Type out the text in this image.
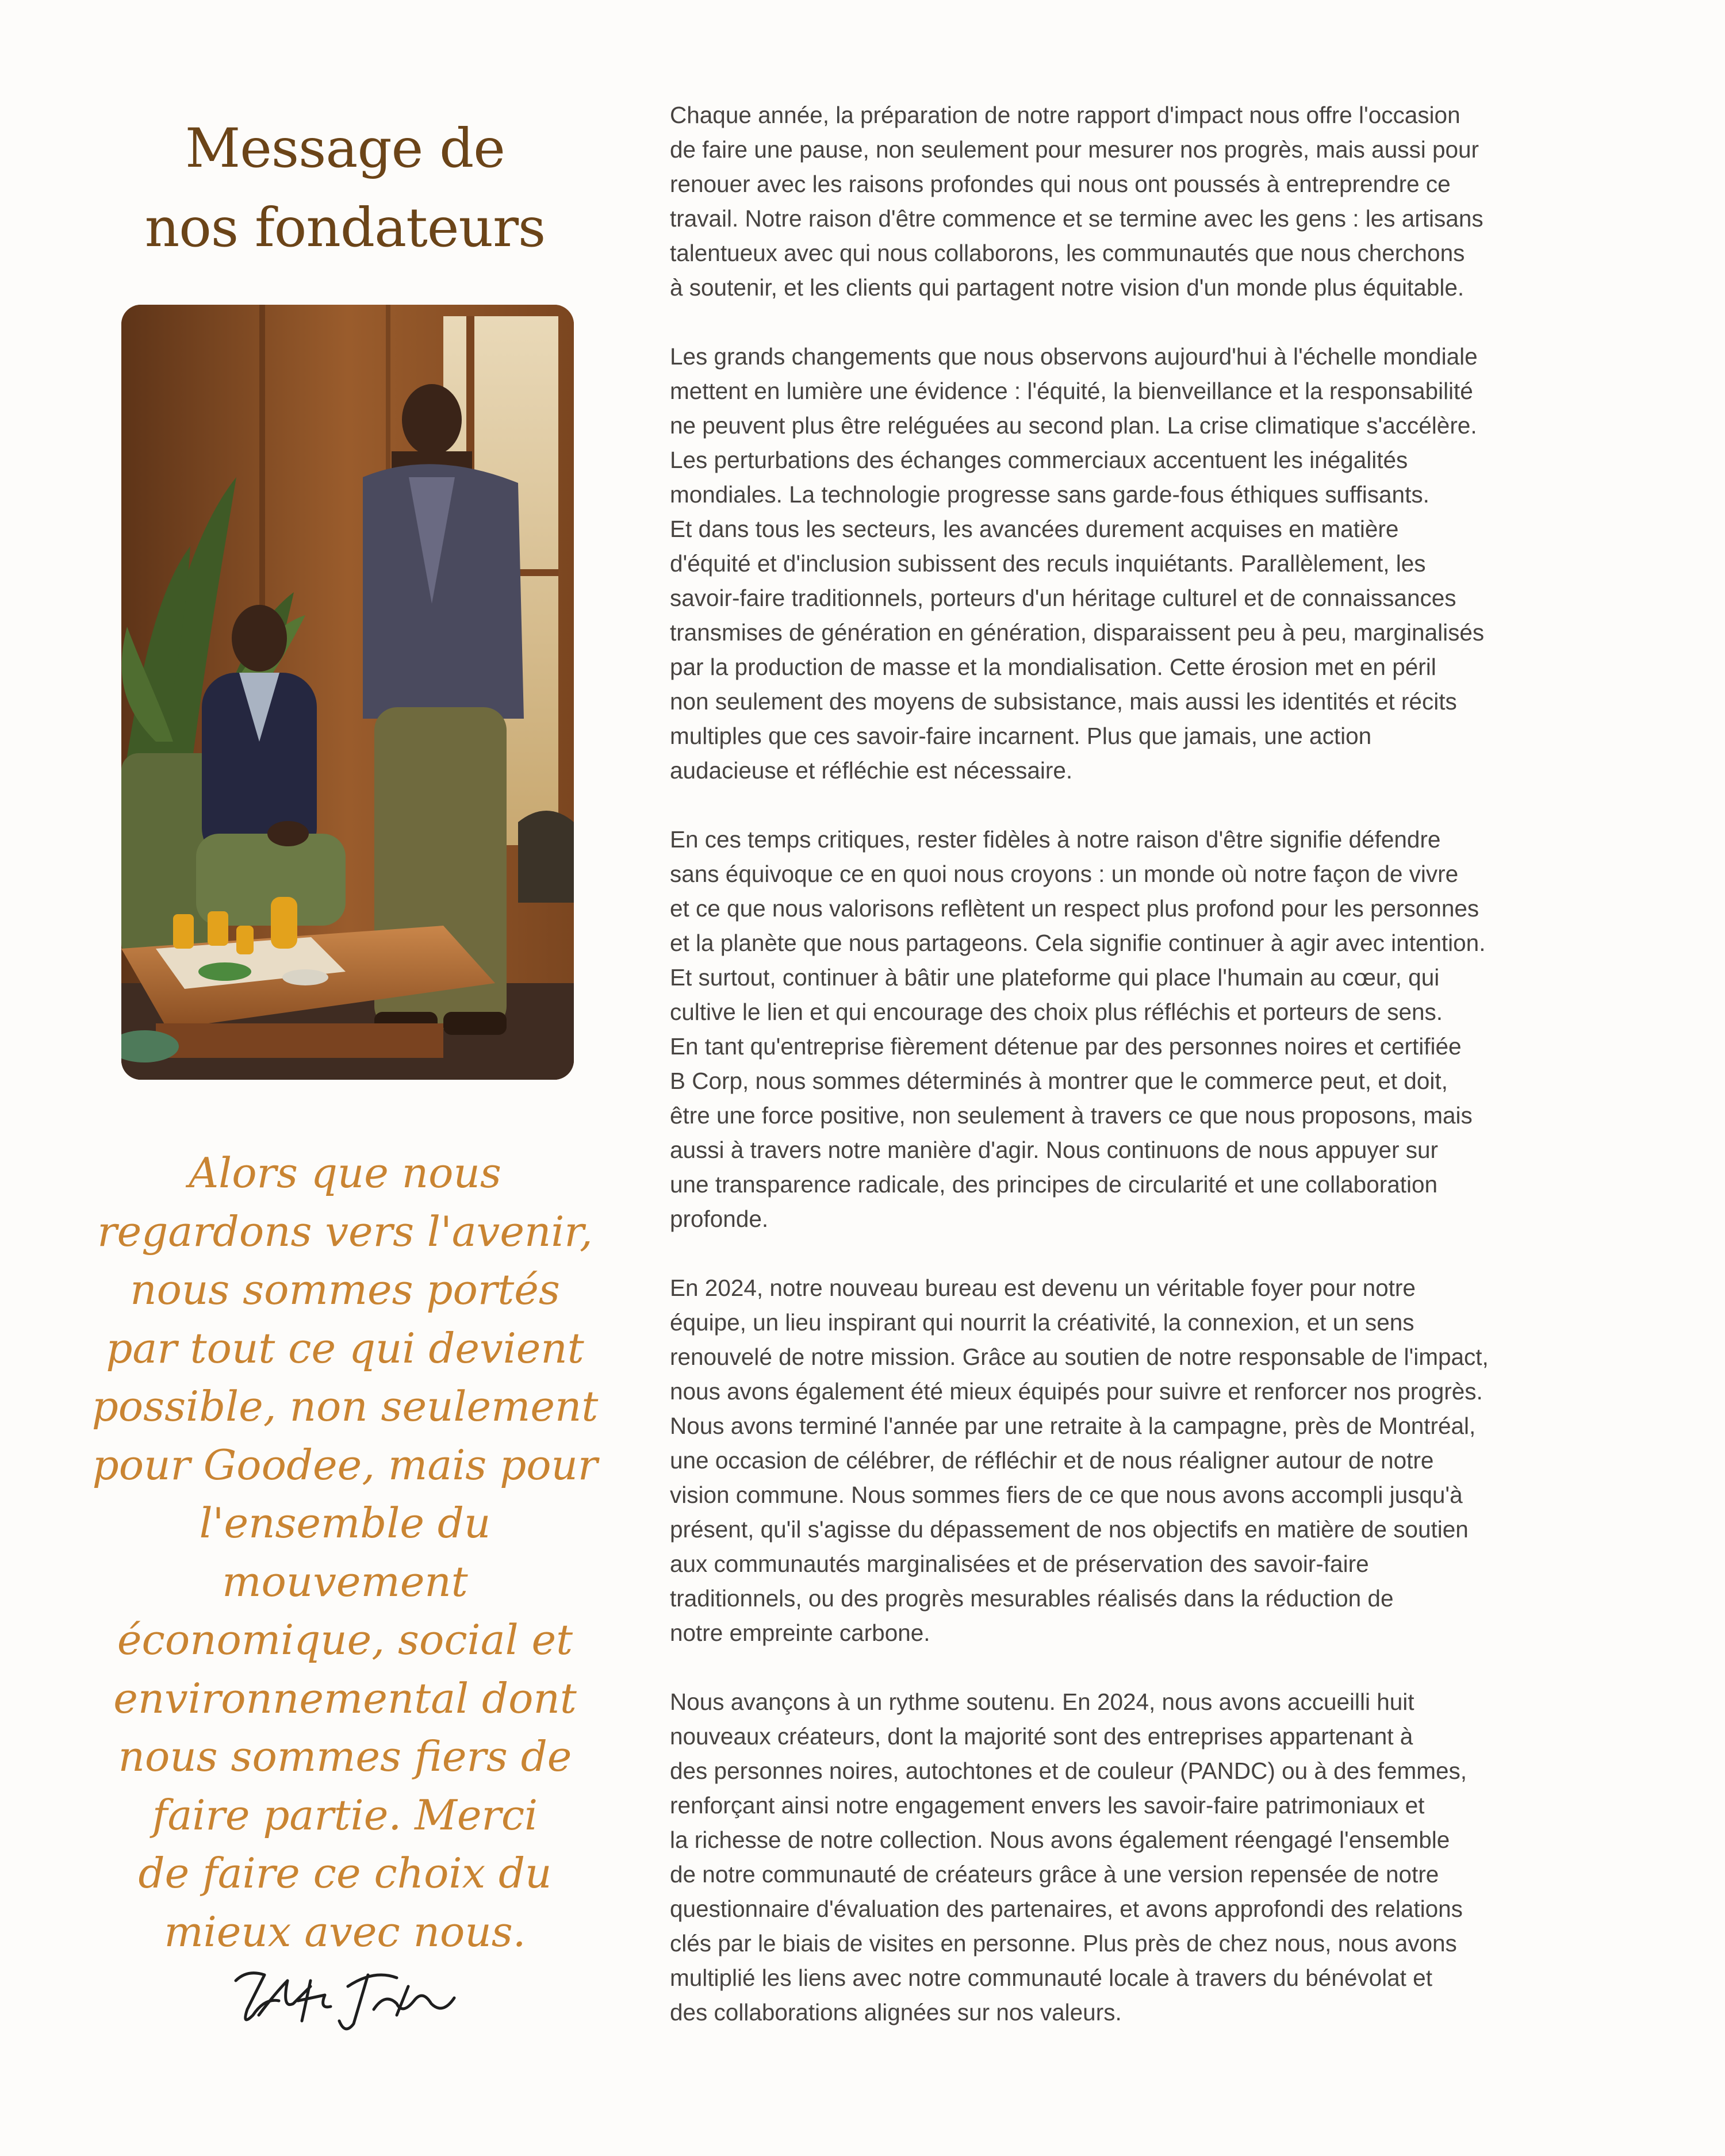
Message de
nos fondateurs

Alors que nous
regardons vers l'avenir,
nous sommes portés
par tout ce qui devient
possible, non seulement
pour Goodee, mais pour
l'ensemble du mouvement
économique, social et
environnemental dont
nous sommes fiers de
faire partie. Merci
de faire ce choix du
mieux avec nous.

Chaque année, la préparation de notre rapport d'impact nous offre l'occasion
de faire une pause, non seulement pour mesurer nos progrès, mais aussi pour
renouer avec les raisons profondes qui nous ont poussés à entreprendre ce
travail. Notre raison d'être commence et se termine avec les gens : les artisans
talentueux avec qui nous collaborons, les communautés que nous cherchons
à soutenir, et les clients qui partagent notre vision d'un monde plus équitable.

Les grands changements que nous observons aujourd'hui à l'échelle mondiale
mettent en lumière une évidence : l'équité, la bienveillance et la responsabilité
ne peuvent plus être reléguées au second plan. La crise climatique s'accélère.
Les perturbations des échanges commerciaux accentuent les inégalités
mondiales. La technologie progresse sans garde-fous éthiques suffisants.
Et dans tous les secteurs, les avancées durement acquises en matière
d'équité et d'inclusion subissent des reculs inquiétants. Parallèlement, les
savoir-faire traditionnels, porteurs d'un héritage culturel et de connaissances
transmises de génération en génération, disparaissent peu à peu, marginalisés
par la production de masse et la mondialisation. Cette érosion met en péril
non seulement des moyens de subsistance, mais aussi les identités et récits
multiples que ces savoir-faire incarnent. Plus que jamais, une action
audacieuse et réfléchie est nécessaire.

En ces temps critiques, rester fidèles à notre raison d'être signifie défendre
sans équivoque ce en quoi nous croyons : un monde où notre façon de vivre
et ce que nous valorisons reflètent un respect plus profond pour les personnes
et la planète que nous partageons. Cela signifie continuer à agir avec intention.
Et surtout, continuer à bâtir une plateforme qui place l'humain au cœur, qui
cultive le lien et qui encourage des choix plus réfléchis et porteurs de sens.
En tant qu'entreprise fièrement détenue par des personnes noires et certifiée
B Corp, nous sommes déterminés à montrer que le commerce peut, et doit,
être une force positive, non seulement à travers ce que nous proposons, mais
aussi à travers notre manière d'agir. Nous continuons de nous appuyer sur
une transparence radicale, des principes de circularité et une collaboration
profonde.

En 2024, notre nouveau bureau est devenu un véritable foyer pour notre
équipe, un lieu inspirant qui nourrit la créativité, la connexion, et un sens
renouvelé de notre mission. Grâce au soutien de notre responsable de l'impact,
nous avons également été mieux équipés pour suivre et renforcer nos progrès.
Nous avons terminé l'année par une retraite à la campagne, près de Montréal,
une occasion de célébrer, de réfléchir et de nous réaligner autour de notre
vision commune. Nous sommes fiers de ce que nous avons accompli jusqu'à
présent, qu'il s'agisse du dépassement de nos objectifs en matière de soutien
aux communautés marginalisées et de préservation des savoir-faire
traditionnels, ou des progrès mesurables réalisés dans la réduction de
notre empreinte carbone.

Nous avançons à un rythme soutenu. En 2024, nous avons accueilli huit
nouveaux créateurs, dont la majorité sont des entreprises appartenant à
des personnes noires, autochtones et de couleur (PANDC) ou à des femmes,
renforçant ainsi notre engagement envers les savoir-faire patrimoniaux et
la richesse de notre collection. Nous avons également réengagé l'ensemble
de notre communauté de créateurs grâce à une version repensée de notre
questionnaire d'évaluation des partenaires, et avons approfondi des relations
clés par le biais de visites en personne. Plus près de chez nous, nous avons
multiplié les liens avec notre communauté locale à travers du bénévolat et
des collaborations alignées sur nos valeurs.
